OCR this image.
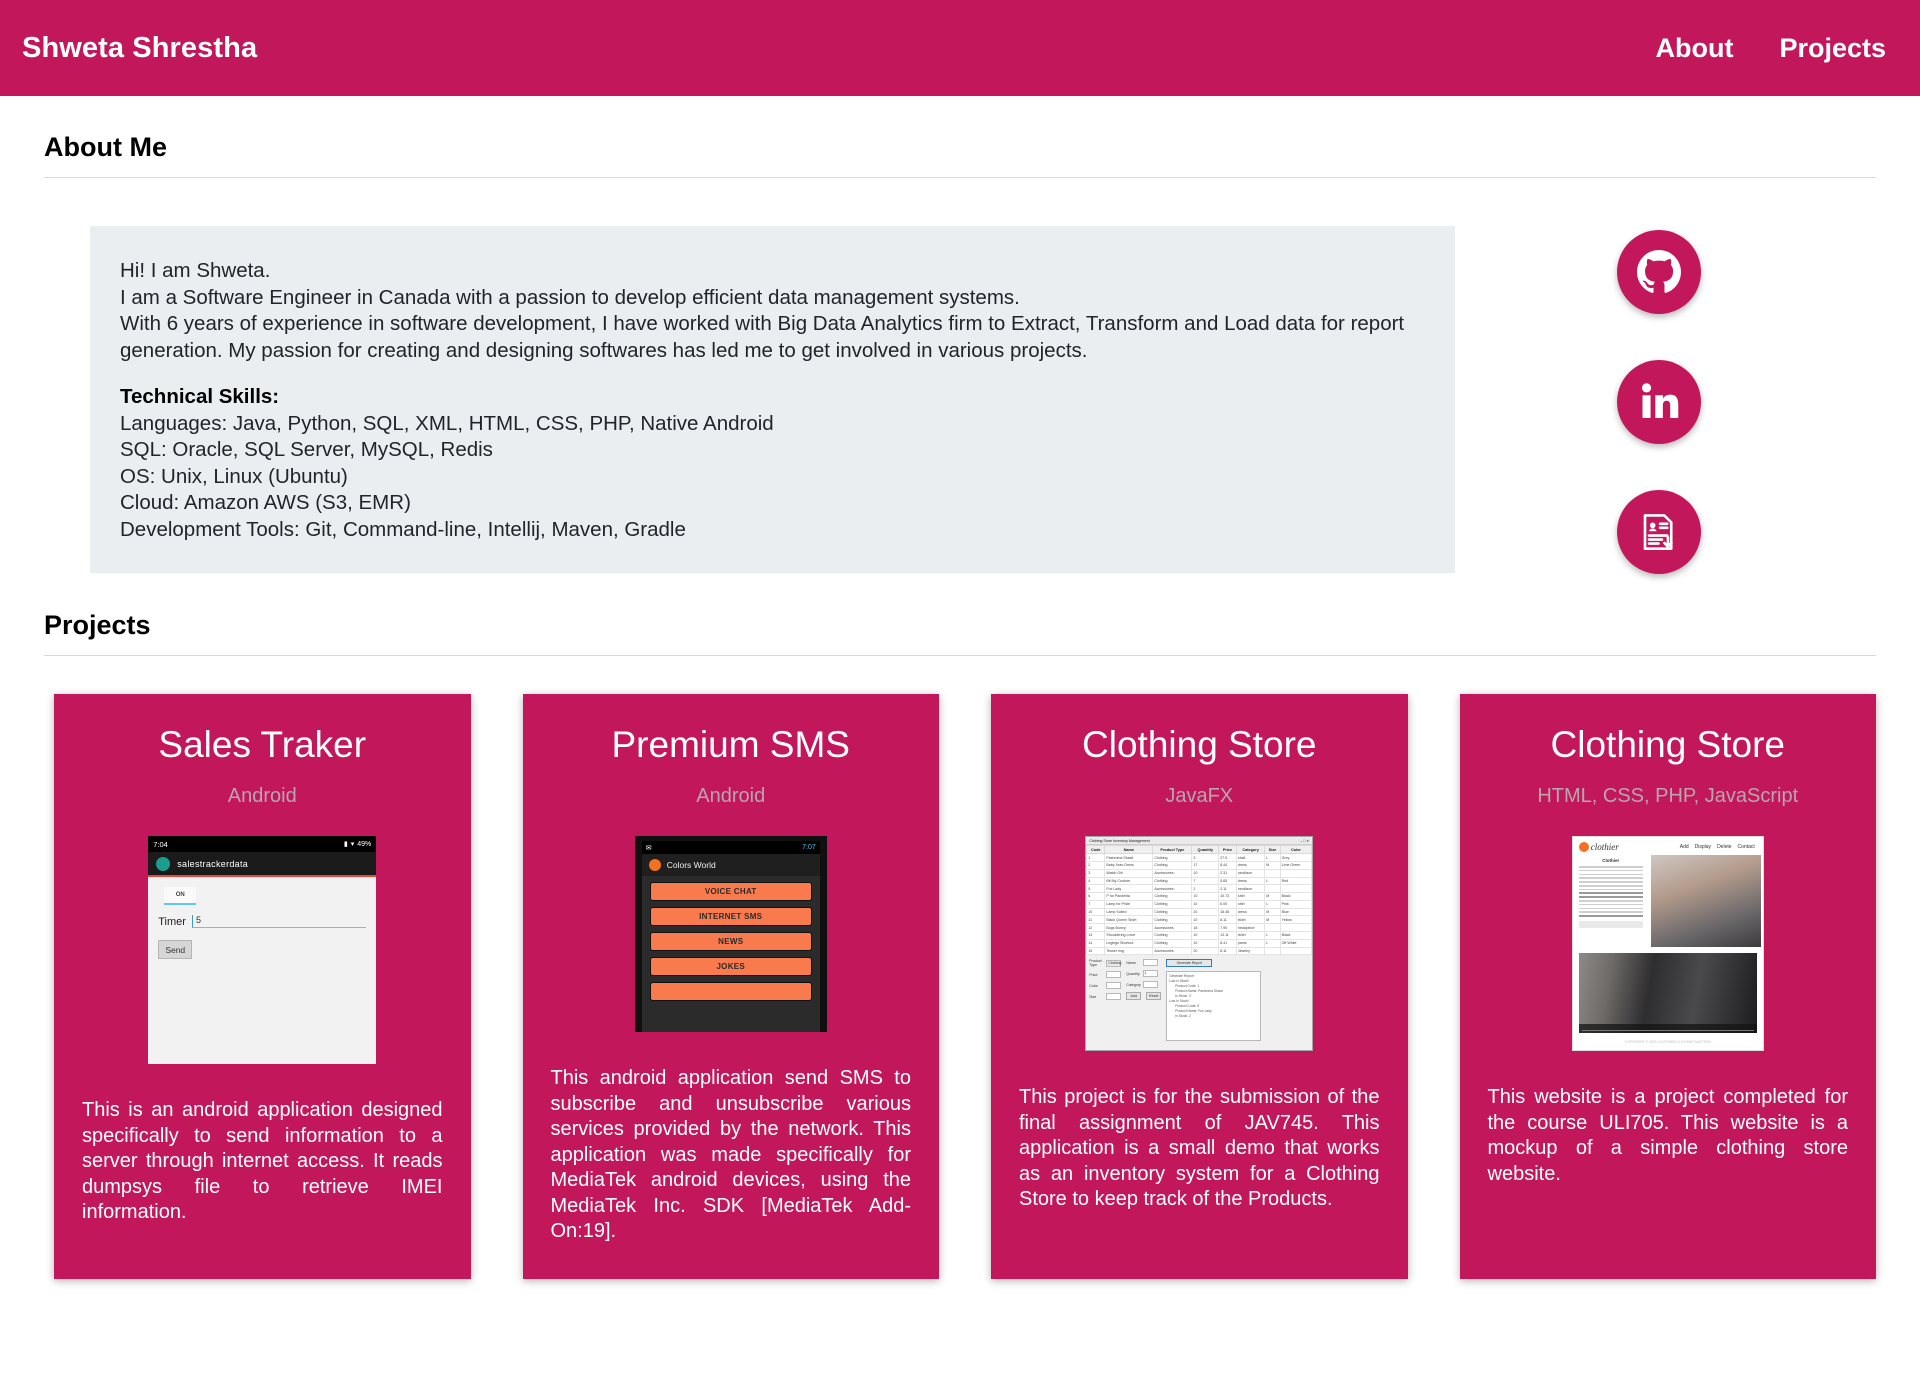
Shweta Shrestha	About Projects
About Me
Hi! I am Shweta.
I am a Software Engineer in Canada with a passion to develop efficient data management systems.
With 6 years of experience in software development, I have worked with Big Data Analytics firm to Extract, Transform and Load data for report generation. My passion for creating and designing softwares has led me to get involved in various projects.
Technical Skills:
Languages: Java, Python, SQL, XML, HTML, CSS, PHP, Native Android
SQL: Oracle, SQL Server, MySQL, Redis
OS: Unix, Linux (Ubuntu)
Cloud: Amazon AWS (S3, EMR)
Development Tools: Git, Command-line, Intellij, Maven, Gradle
Projects
Sales Traker
Android
7:04	▮ ▾ 49%
salestrackerdata
ON
Timer	5
Send
This is an android application designed specifically to send information to a server through internet access. It reads dumpsys file to retrieve IMEI information.
Premium SMS
Android
✉	7:07
Colors World
VOICE CHAT
INTERNET SMS
NEWS
JOKES
This android application send SMS to subscribe and unsubscribe various services provided by the network. This application was made specifically for MediaTek android devices, using the MediaTek Inc. SDK [MediaTek Add-On:19].
Clothing Store
JavaFX
Clothing Store Inventory Management	– □ ✕
Code	Name	Product Type	Quantity	Price	Category	Size	Color
1	Pashmina Shawl	Clothing	3	27.5	shall	L	Grey
2	Baby Jean Dress	Clothing	17	8.44	dress	M	Lime Green
3	Watch Girl	Accessories	10	2.31	necklace		
4	Bit My Couture	Clothing	7	5.65	dress	L	Red
5	Fox Lady	Accessories	2	2.11	necklace		
6	P for Pandelita	Clothing	10	10.73	shirt	M	Black
7	Lamp for Pride	Clothing	10	6.00	shirt	L	Pink
10	Lamp Suited	Clothing	20	18.48	dress	M	Blue
11	Black Queen Tshirt	Clothing	10	8.11	tshirt	M	Yellow
12	Bugs Bunny	Accessories	18	7.90	headpiece		
13	Shouldering Lover	Clothing	10	13.11	tshirt	L	Black
14	Leglegs Shortcut	Clothing	10	8.41	pants	L	Off White
15	Tesser ring	Accessories	20	8.11	Jewelry		
Product Type
Clothing
Price
Color
Size
Name
Quantity	1
Category
Add	Reset
Generate Report
Generate Report
Low in Stock!
Product Code: 1
Product Name: Pashmina Shawl
In Stock: 3
Low in Stock!
Product Code: 5
Product Name: Fox Lady
In Stock: 2
This project is for the submission of the final assignment of JAV745. This application is a small demo that works as an inventory system for a Clothing Store to keep track of the Products.
Clothing Store
HTML, CSS, PHP, JavaScript
clothier	Add Display Delete Contact
Clothier
COPYRIGHT © 2020, CLOTHIER CLOTHING MATTERS
This website is a project completed for the course ULI705. This website is a mockup of a simple clothing store website.
